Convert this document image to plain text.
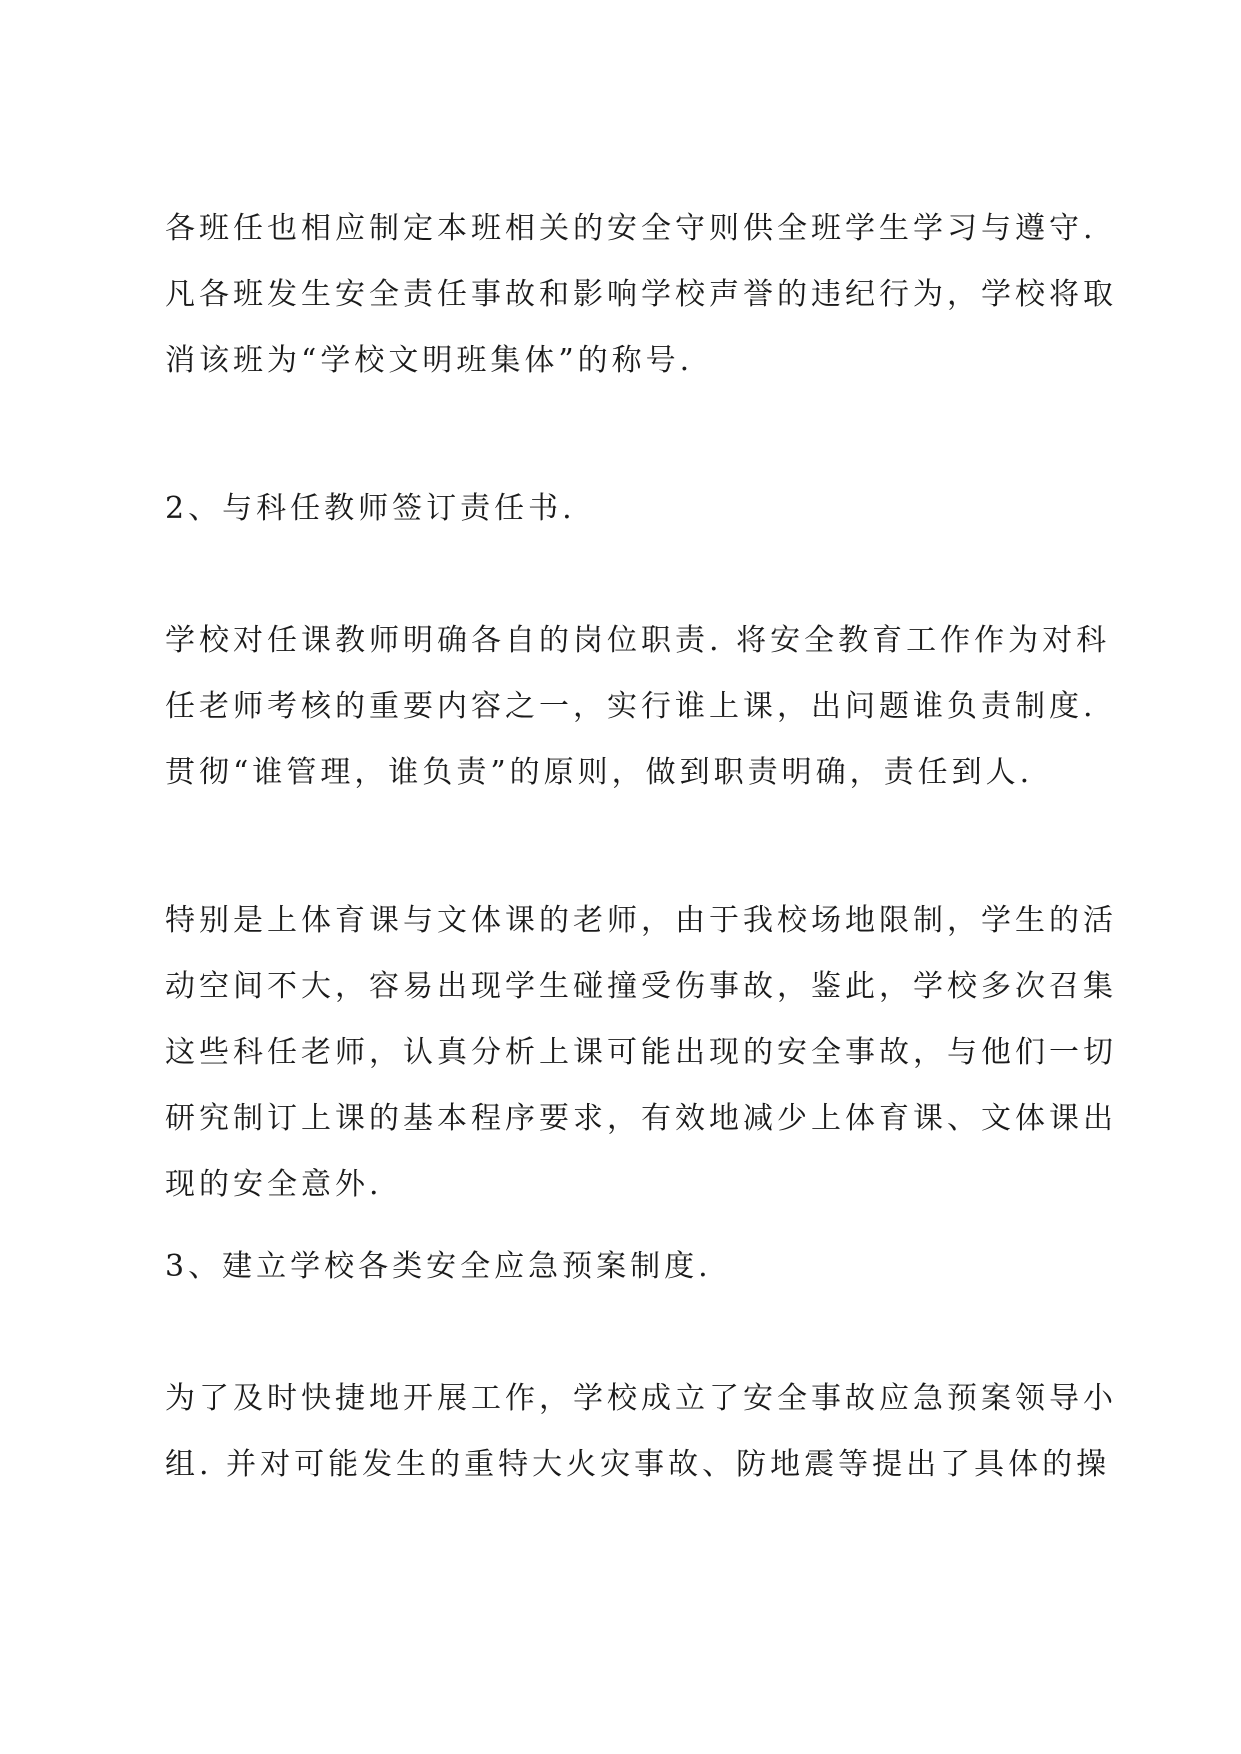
各班任也相应制定本班相关的安全守则供全班学生学习与遵守.
凡各班发生安全责任事故和影响学校声誉的违纪行为，学校将取
消该班为“学校文明班集体”的称号.
2、与科任教师签订责任书.
学校对任课教师明确各自的岗位职责. 将安全教育工作作为对科
任老师考核的重要内容之一，实行谁上课，出问题谁负责制度.
贯彻“谁管理，谁负责”的原则，做到职责明确，责任到人.
特别是上体育课与文体课的老师，由于我校场地限制，学生的活
动空间不大，容易出现学生碰撞受伤事故，鉴此，学校多次召集
这些科任老师，认真分析上课可能出现的安全事故，与他们一切
研究制订上课的基本程序要求，有效地减少上体育课、文体课出
现的安全意外.
3、建立学校各类安全应急预案制度.
为了及时快捷地开展工作，学校成立了安全事故应急预案领导小
组. 并对可能发生的重特大火灾事故、防地震等提出了具体的操
